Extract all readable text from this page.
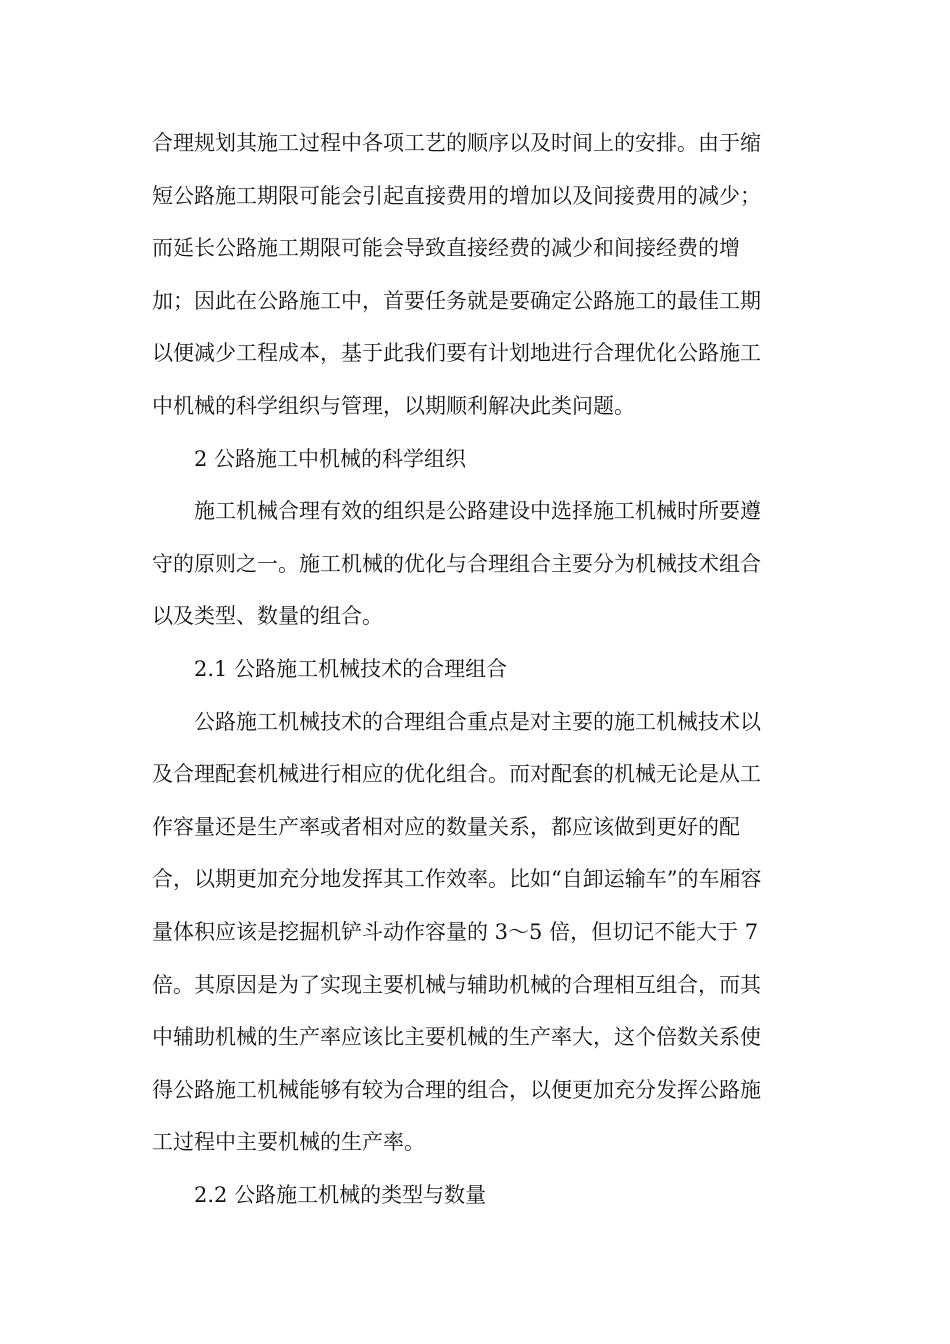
合理规划其施工过程中各项工艺的顺序以及时间上的安排。由于缩
短公路施工期限可能会引起直接费用的增加以及间接费用的减少；
而延长公路施工期限可能会导致直接经费的减少和间接经费的增
加；因此在公路施工中，首要任务就是要确定公路施工的最佳工期
以便减少工程成本，基于此我们要有计划地进行合理优化公路施工
中机械的科学组织与管理，以期顺利解决此类问题。
2 公路施工中机械的科学组织
施工机械合理有效的组织是公路建设中选择施工机械时所要遵
守的原则之一。施工机械的优化与合理组合主要分为机械技术组合
以及类型、数量的组合。
2.1 公路施工机械技术的合理组合
公路施工机械技术的合理组合重点是对主要的施工机械技术以
及合理配套机械进行相应的优化组合。而对配套的机械无论是从工
作容量还是生产率或者相对应的数量关系，都应该做到更好的配
合，以期更加充分地发挥其工作效率。比如“自卸运输车”的车厢容
量体积应该是挖掘机铲斗动作容量的 3～5 倍，但切记不能大于 7
倍。其原因是为了实现主要机械与辅助机械的合理相互组合，而其
中辅助机械的生产率应该比主要机械的生产率大，这个倍数关系使
得公路施工机械能够有较为合理的组合，以便更加充分发挥公路施
工过程中主要机械的生产率。
2.2 公路施工机械的类型与数量
